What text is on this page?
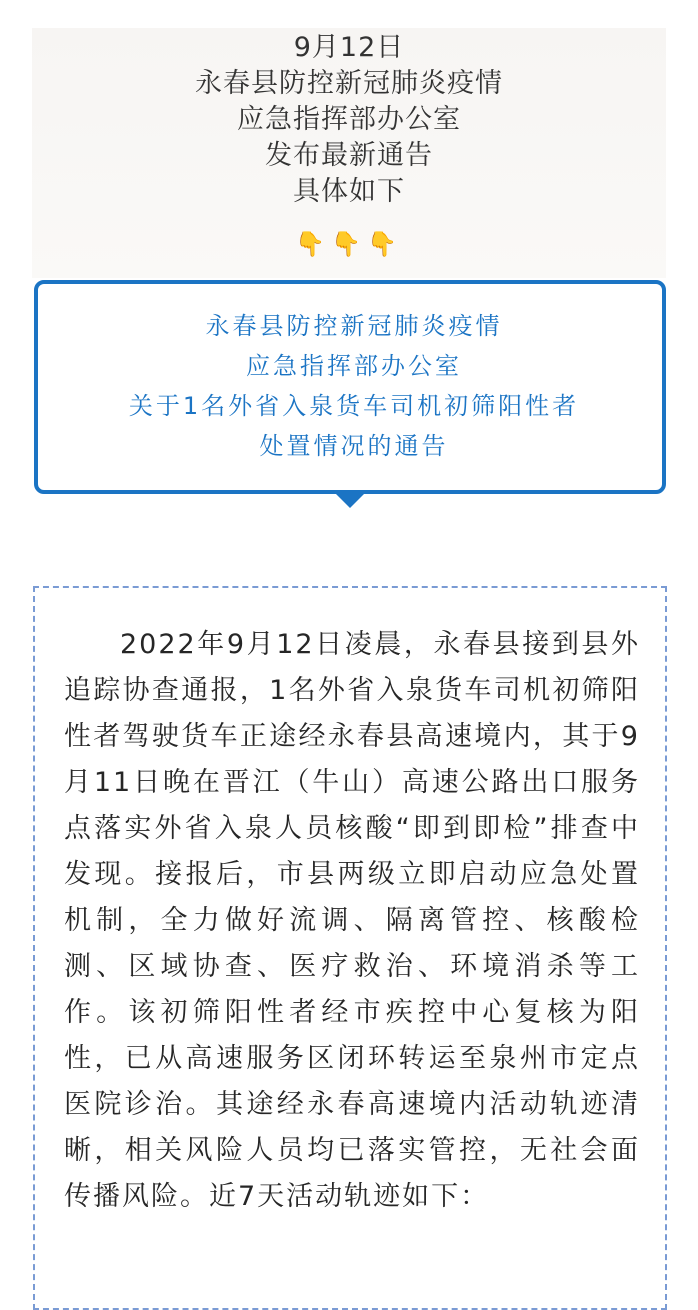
9月12日
永春县防控新冠肺炎疫情
应急指挥部办公室
发布最新通告
具体如下
👇👇👇
永春县防控新冠肺炎疫情
应急指挥部办公室
关于1名外省入泉货车司机初筛阳性者
处置情况的通告

2022年9月12日凌晨，永春县接到县外追踪协查通报，1名外省入泉货车司机初筛阳性者驾驶货车正途经永春县高速境内，其于9月11日晚在晋江（牛山）高速公路出口服务点落实外省入泉人员核酸“即到即检”排查中发现。接报后，市县两级立即启动应急处置机制，全力做好流调、隔离管控、核酸检测、区域协查、医疗救治、环境消杀等工作。该初筛阳性者经市疾控中心复核为阳性，已从高速服务区闭环转运至泉州市定点医院诊治。其途经永春高速境内活动轨迹清晰，相关风险人员均已落实管控，无社会面传播风险。近7天活动轨迹如下：
